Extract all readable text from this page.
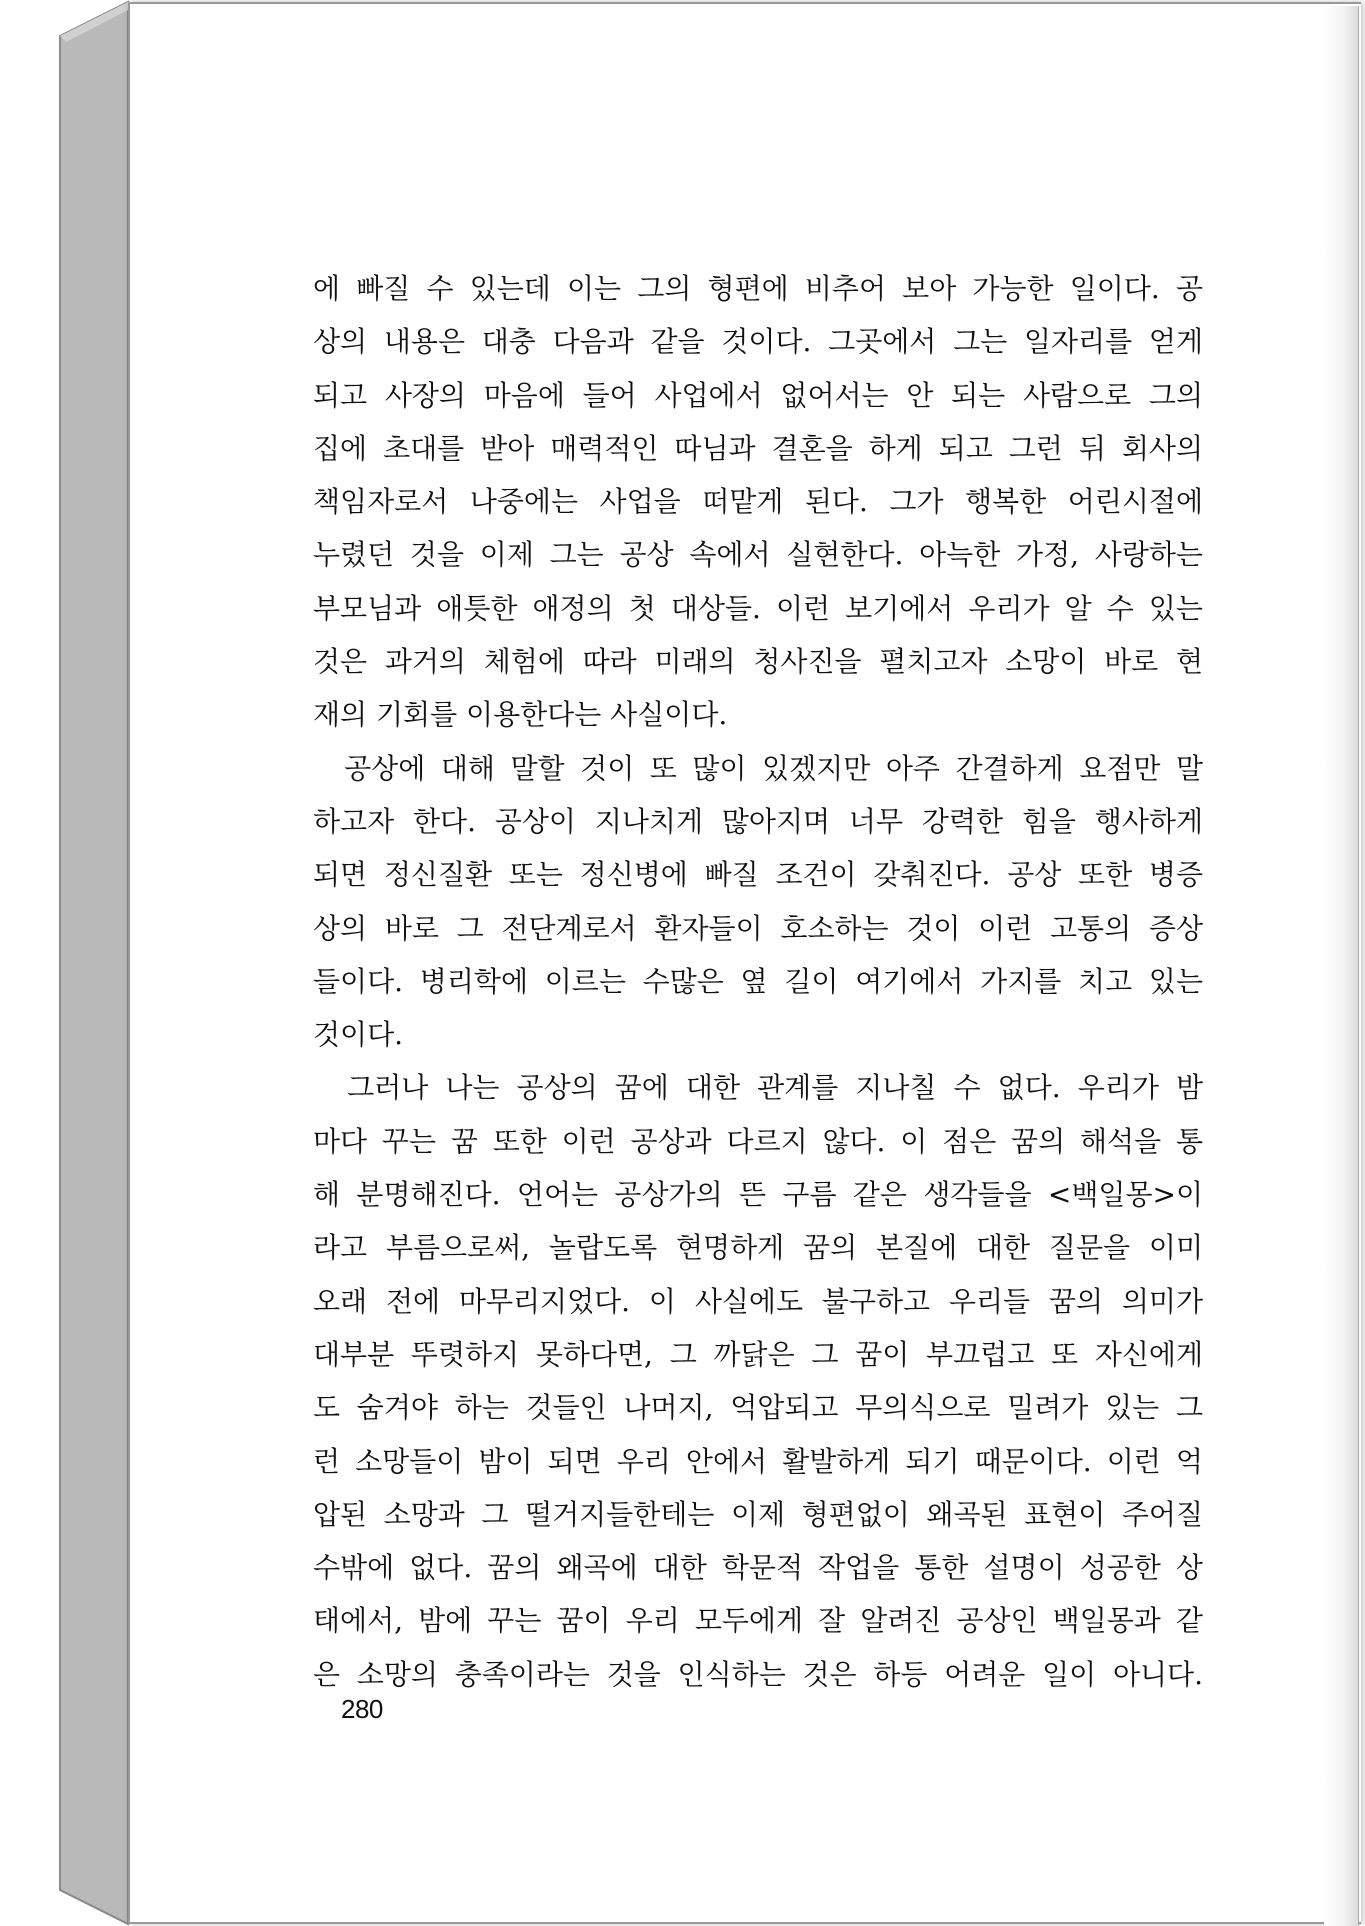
에 빠질 수 있는데 이는 그의 형편에 비추어 보아 가능한 일이다. 공
상의 내용은 대충 다음과 같을 것이다. 그곳에서 그는 일자리를 얻게
되고 사장의 마음에 들어 사업에서 없어서는 안 되는 사람으로 그의
집에 초대를 받아 매력적인 따님과 결혼을 하게 되고 그런 뒤 회사의
책임자로서 나중에는 사업을 떠맡게 된다. 그가 행복한 어린시절에
누렸던 것을 이제 그는 공상 속에서 실현한다. 아늑한 가정, 사랑하는
부모님과 애틋한 애정의 첫 대상들. 이런 보기에서 우리가 알 수 있는
것은 과거의 체험에 따라 미래의 청사진을 펼치고자 소망이 바로 현
재의 기회를 이용한다는 사실이다.
공상에 대해 말할 것이 또 많이 있겠지만 아주 간결하게 요점만 말
하고자 한다. 공상이 지나치게 많아지며 너무 강력한 힘을 행사하게
되면 정신질환 또는 정신병에 빠질 조건이 갖춰진다. 공상 또한 병증
상의 바로 그 전단계로서 환자들이 호소하는 것이 이런 고통의 증상
들이다. 병리학에 이르는 수많은 옆 길이 여기에서 가지를 치고 있는
것이다.
그러나 나는 공상의 꿈에 대한 관계를 지나칠 수 없다. 우리가 밤
마다 꾸는 꿈 또한 이런 공상과 다르지 않다. 이 점은 꿈의 해석을 통
해 분명해진다. 언어는 공상가의 뜬 구름 같은 생각들을 <백일몽>이
라고 부름으로써, 놀랍도록 현명하게 꿈의 본질에 대한 질문을 이미
오래 전에 마무리지었다. 이 사실에도 불구하고 우리들 꿈의 의미가
대부분 뚜렷하지 못하다면, 그 까닭은 그 꿈이 부끄럽고 또 자신에게
도 숨겨야 하는 것들인 나머지, 억압되고 무의식으로 밀려가 있는 그
런 소망들이 밤이 되면 우리 안에서 활발하게 되기 때문이다. 이런 억
압된 소망과 그 떨거지들한테는 이제 형편없이 왜곡된 표현이 주어질
수밖에 없다. 꿈의 왜곡에 대한 학문적 작업을 통한 설명이 성공한 상
태에서, 밤에 꾸는 꿈이 우리 모두에게 잘 알려진 공상인 백일몽과 같
은 소망의 충족이라는 것을 인식하는 것은 하등 어려운 일이 아니다.
280
